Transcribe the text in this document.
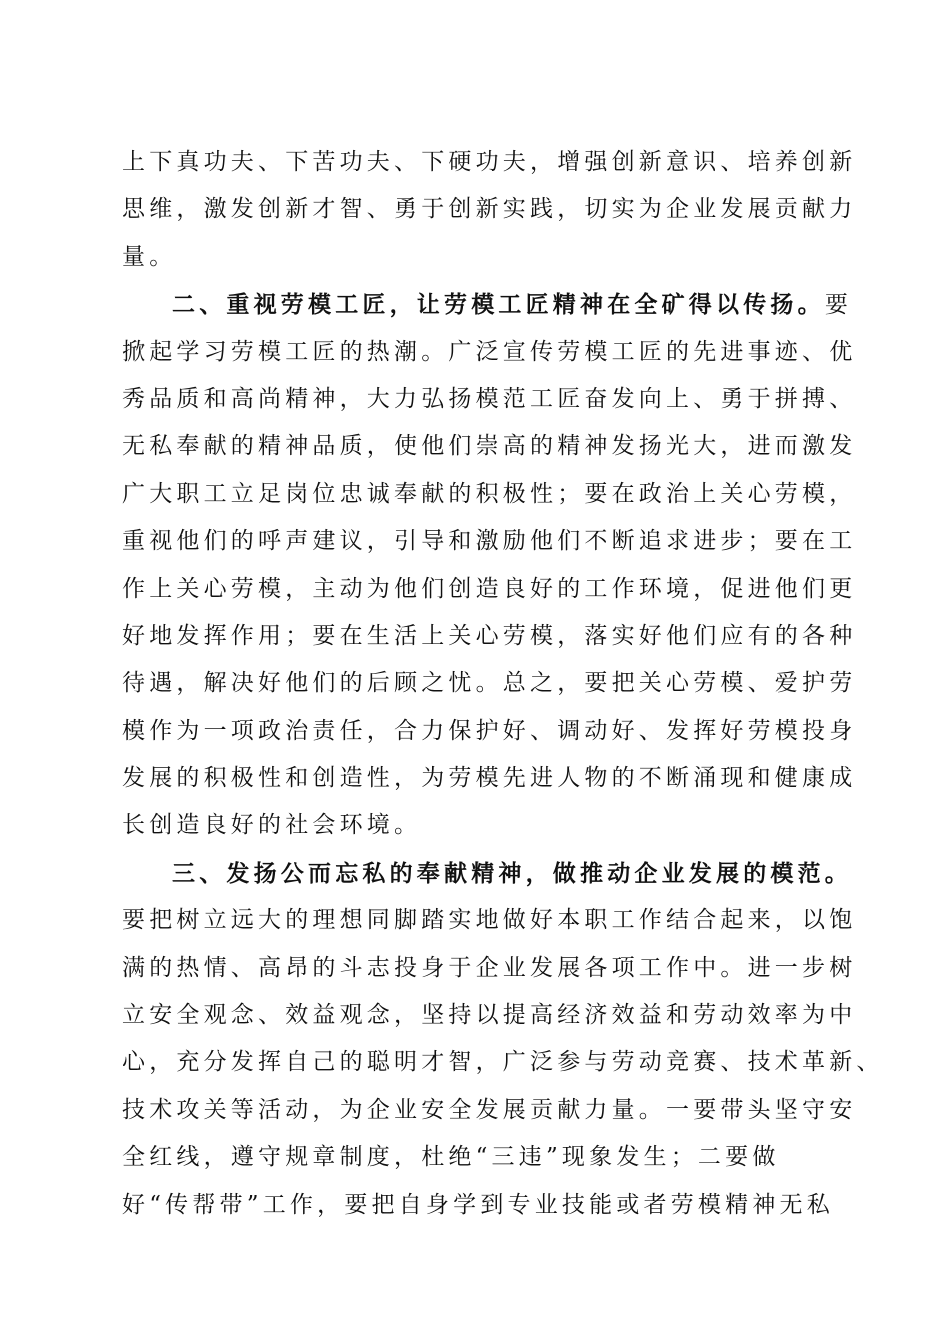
上下真功夫、下苦功夫、下硬功夫，增强创新意识、培养创新
思维，激发创新才智、勇于创新实践，切实为企业发展贡献力
量。
二、重视劳模工匠，让劳模工匠精神在全矿得以传扬。要
掀起学习劳模工匠的热潮。广泛宣传劳模工匠的先进事迹、优
秀品质和高尚精神，大力弘扬模范工匠奋发向上、勇于拼搏、
无私奉献的精神品质，使他们崇高的精神发扬光大，进而激发
广大职工立足岗位忠诚奉献的积极性；要在政治上关心劳模，
重视他们的呼声建议，引导和激励他们不断追求进步；要在工
作上关心劳模，主动为他们创造良好的工作环境，促进他们更
好地发挥作用；要在生活上关心劳模，落实好他们应有的各种
待遇，解决好他们的后顾之忧。总之，要把关心劳模、爱护劳
模作为一项政治责任，合力保护好、调动好、发挥好劳模投身
发展的积极性和创造性，为劳模先进人物的不断涌现和健康成
长创造良好的社会环境。
三、发扬公而忘私的奉献精神，做推动企业发展的模范。
要把树立远大的理想同脚踏实地做好本职工作结合起来，以饱
满的热情、高昂的斗志投身于企业发展各项工作中。进一步树
立安全观念、效益观念，坚持以提高经济效益和劳动效率为中
心，充分发挥自己的聪明才智，广泛参与劳动竞赛、技术革新、
技术攻关等活动，为企业安全发展贡献力量。一要带头坚守安
全红线，遵守规章制度，杜绝“三违”现象发生；二要做
好“传帮带”工作，要把自身学到专业技能或者劳模精神无私
